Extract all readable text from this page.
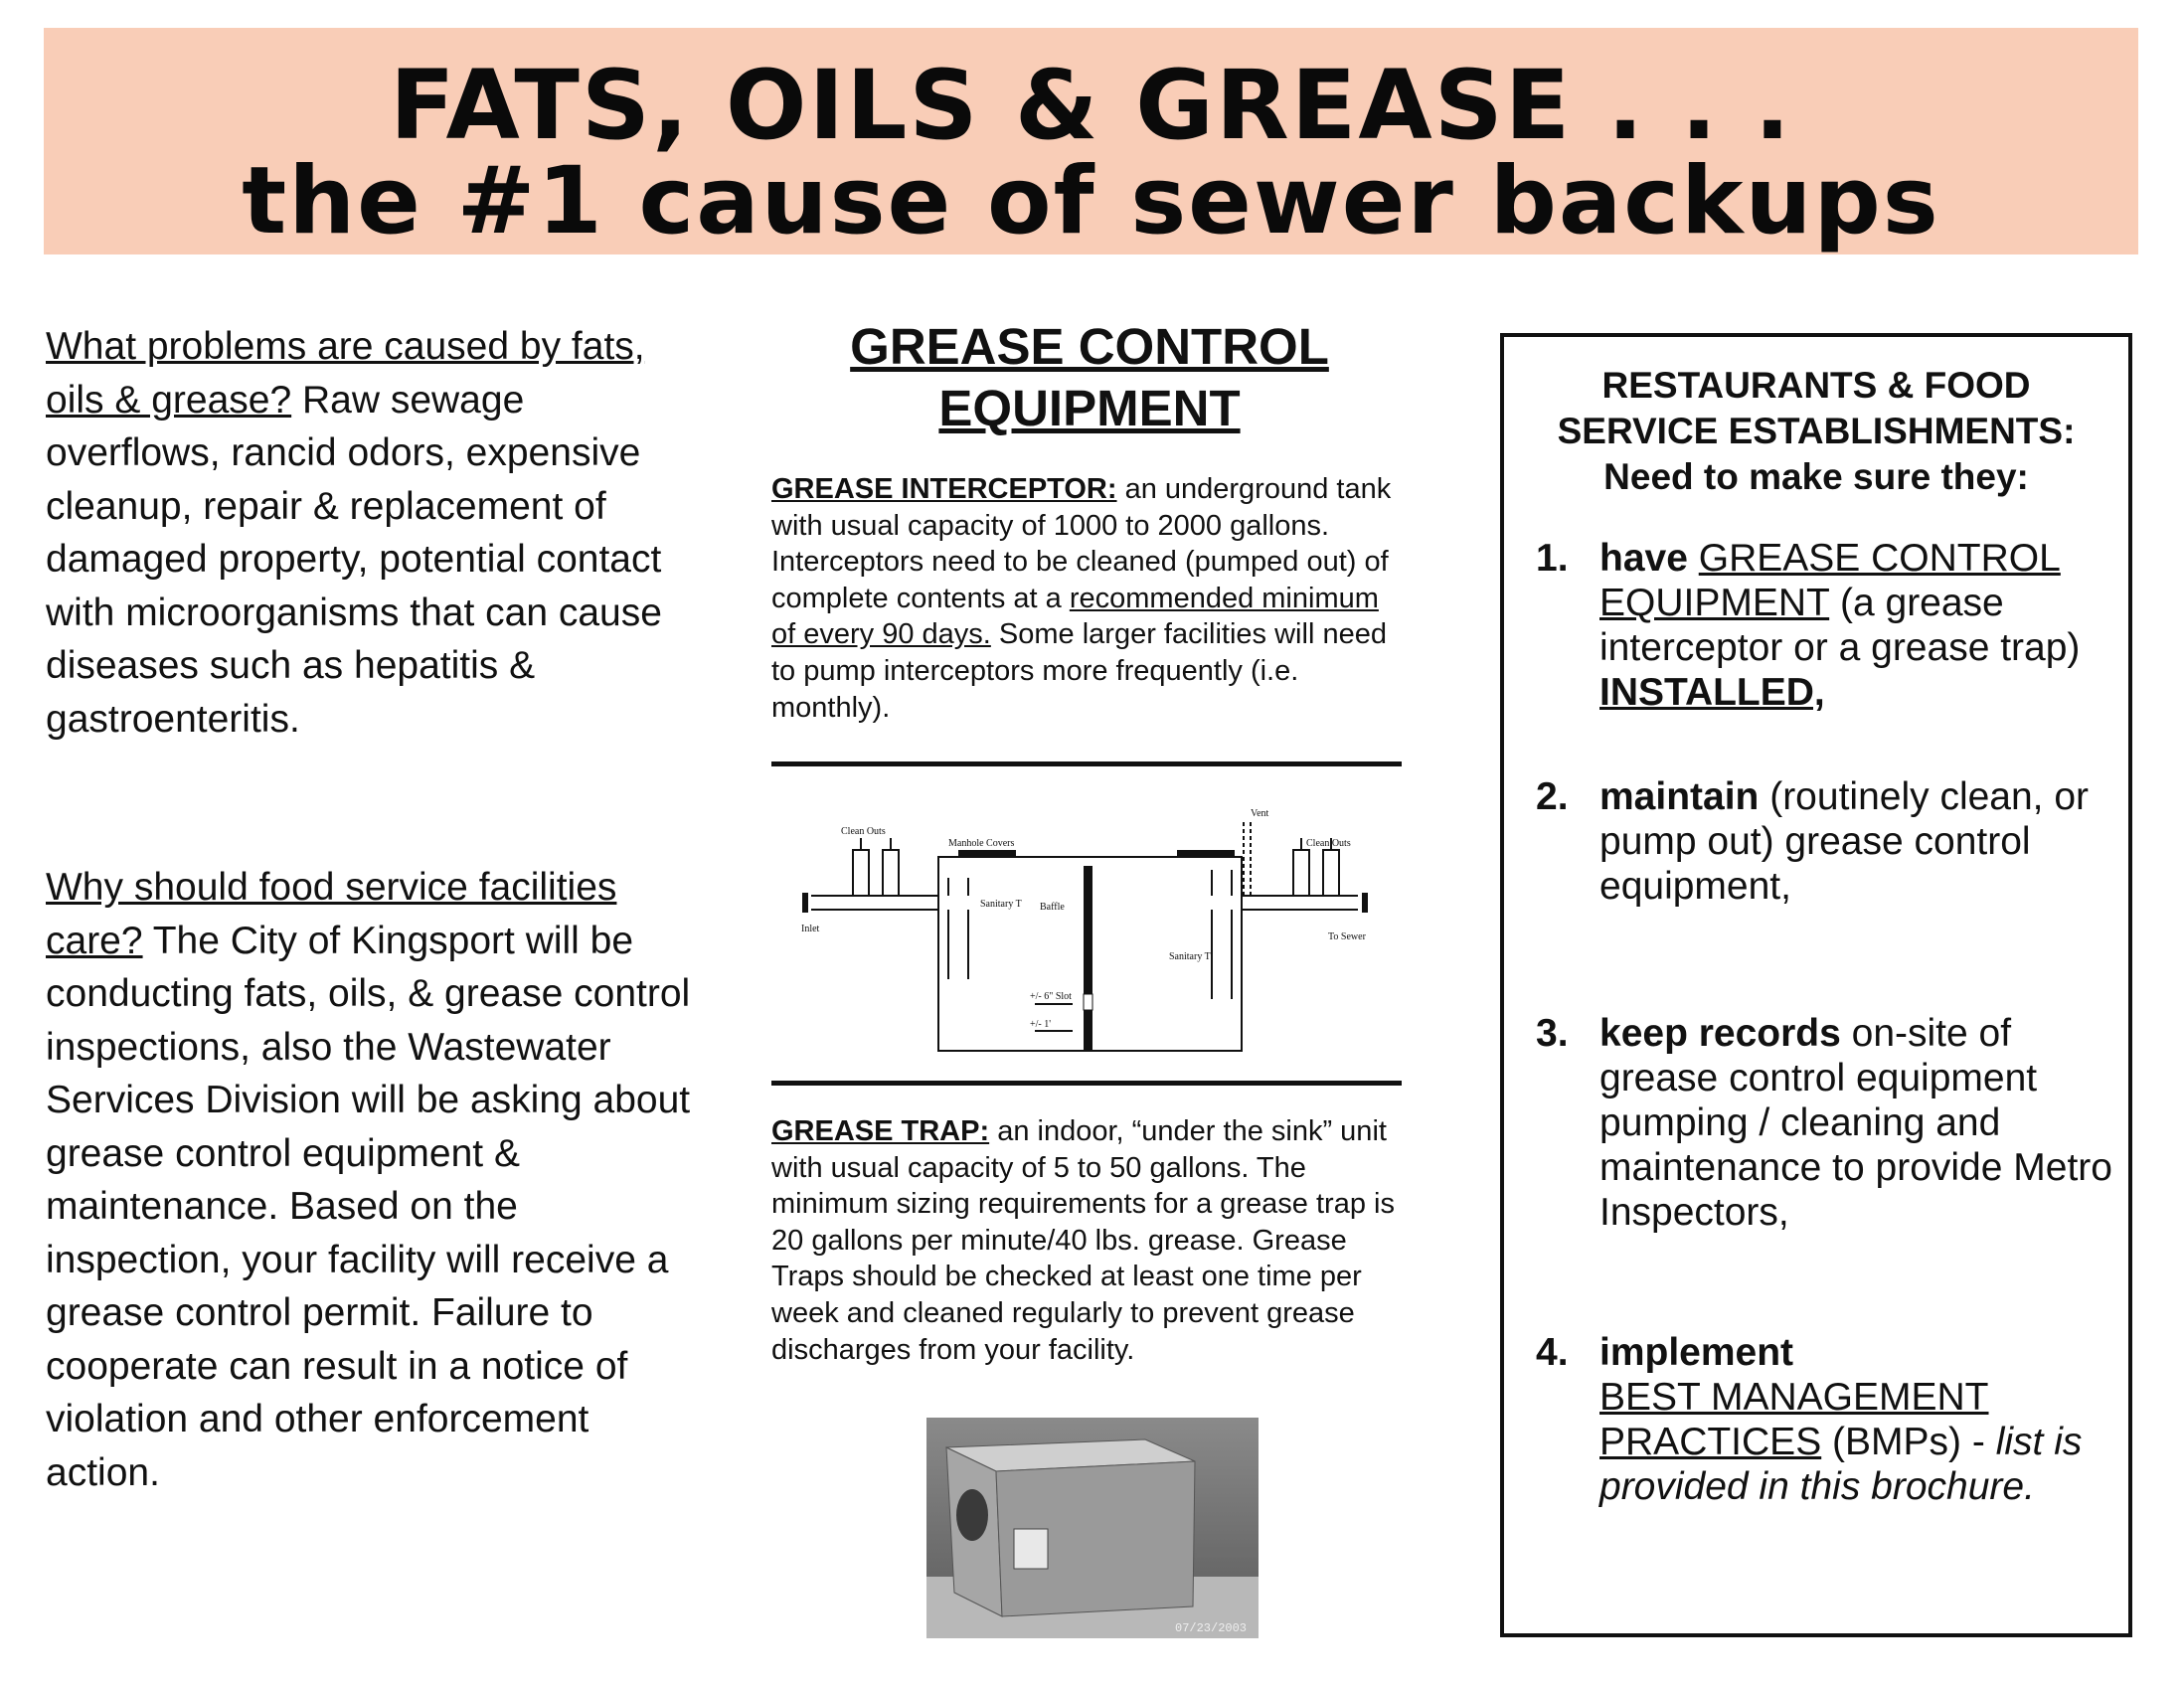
FATS, OILS & GREASE . . .
the #1 cause of sewer backups

What problems are caused by fats, oils & grease? Raw sewage overflows, rancid odors, expensive cleanup, repair & replacement of damaged property, potential contact with microorganisms that can cause diseases such as hepatitis & gastroenteritis.

Why should food service facilities care? The City of Kingsport will be conducting fats, oils, & grease control inspections, also the Wastewater Services Division will be asking about grease control equipment & maintenance. Based on the inspection, your facility will receive a grease control permit. Failure to cooperate can result in a notice of violation and other enforcement action.

GREASE CONTROL
EQUIPMENT

GREASE INTERCEPTOR: an underground tank with usual capacity of 1000 to 2000 gallons. Interceptors need to be cleaned (pumped out) of complete contents at a recommended minimum of every 90 days. Some larger facilities will need to pump interceptors more frequently (i.e. monthly).

Clean Outs
Manhole Covers
Vent
Clean Outs
Inlet
Sanitary T Baffle
Sanitary T
To Sewer
+/- 6" Slot
+/- 1'

GREASE TRAP: an indoor, “under the sink” unit with usual capacity of 5 to 50 gallons. The minimum sizing requirements for a grease trap is 20 gallons per minute/40 lbs. grease. Grease Traps should be checked at least one time per week and cleaned regularly to prevent grease discharges from your facility.

07/23/2003
RESTAURANTS & FOOD
SERVICE ESTABLISHMENTS:
Need to make sure they:
1. have GREASE CONTROL EQUIPMENT (a grease interceptor or a grease trap)
INSTALLED,
2. maintain (routinely clean, or pump out) grease control equipment,
3. keep records on-site of grease control equipment pumping / cleaning and maintenance to provide Metro Inspectors,
4. implement
BEST MANAGEMENT PRACTICES (BMPs) - list is provided in this brochure.
